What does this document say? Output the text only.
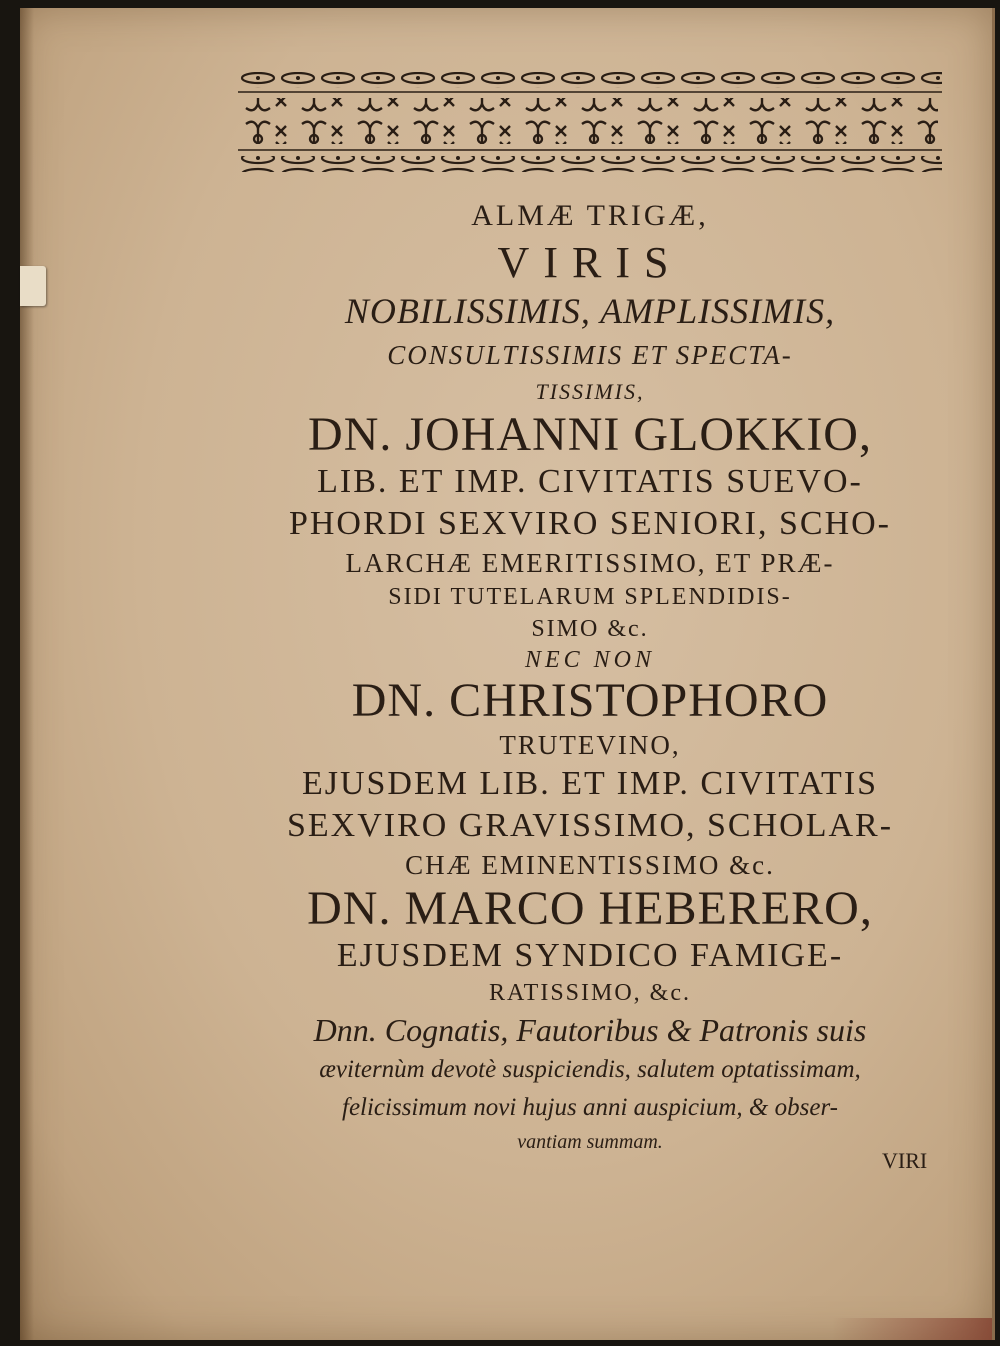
ALMÆ TRIGÆ,
VIRIS
NOBILISSIMIS, AMPLISSIMIS,
CONSULTISSIMIS ET SPECTA-
TISSIMIS,
DN. JOHANNI GLOKKIO,
LIB. ET IMP. CIVITATIS SUEVO-
PHORDI SEXVIRO SENIORI, SCHO-
LARCHÆ EMERITISSIMO, ET PRÆ-
SIDI TUTELARUM SPLENDIDIS-
SIMO &c.
NEC NON
DN. CHRISTOPHORO
TRUTEVINO,
EJUSDEM LIB. ET IMP. CIVITATIS
SEXVIRO GRAVISSIMO, SCHOLAR-
CHÆ EMINENTISSIMO &c.
DN. MARCO HEBERERO,
EJUSDEM SYNDICO FAMIGE-
RATISSIMO, &c.
Dnn. Cognatis, Fautoribus & Patronis suis
æviternùm devotè suspiciendis, salutem optatissimam,
felicissimum novi hujus anni auspicium, & obser-
vantiam summam.
VIRI
